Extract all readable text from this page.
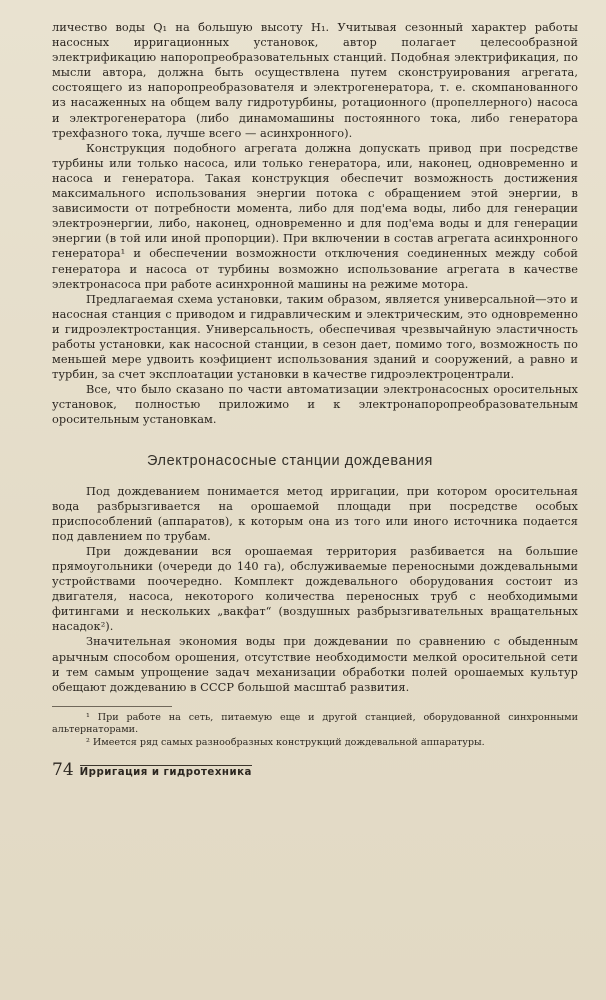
личество воды Q₁ на большую высоту H₁. Учитывая сезонный характер работы насосных ирригационных установок, автор полагает целесообразной электрификацию напоропреобразовательных станций. Подобная электрификация, по мысли автора, должна быть осуществлена путем сконструирования агрегата, состоящего из напоропреобразователя и электрогенератора, т. е. скомпанованного из насаженных на общем валу гидротурбины, ротационного (пропеллерного) насоса и электрогенератора (либо динамомашины постоянного тока, либо генератора трехфазного тока, лучше всего — асинхронного).

Конструкция подобного агрегата должна допускать привод при посредстве турбины или только насоса, или только генератора, или, наконец, одновременно и насоса и генератора. Такая конструкция обеспечит возможность достижения максимального использования энергии потока с обращением этой энергии, в зависимости от потребности момента, либо для под'ема воды, либо для генерации электроэнергии, либо, наконец, одновременно и для под'ема воды и для генерации энергии (в той или иной пропорции). При включении в состав агрегата асинхронного генератора¹ и обеспечении возможности отключения соединенных между собой генератора и насоса от турбины возможно использование агрегата в качестве электронасоса при работе асинхронной машины на режиме мотора.

Предлагаемая схема установки, таким образом, является универсальной—это и насосная станция с приводом и гидравлическим и электрическим, это одновременно и гидроэлектростанция. Универсальность, обеспечивая чрезвычайную эластичность работы установки, как насосной станции, в сезон дает, помимо того, возможность по меньшей мере удвоить коэфициент использования зданий и сооружений, а равно и турбин, за счет эксплоатации установки в качестве гидроэлектроцентрали.

Все, что было сказано по части автоматизации электронасосных оросительных установок, полностью приложимо и к электронапоропреобразовательным оросительным установкам.

Электронасосные станции дождевания

Под дождеванием понимается метод ирригации, при котором оросительная вода разбрызгивается на орошаемой площади при посредстве особых приспособлений (аппаратов), к которым она из того или иного источника подается под давлением по трубам.

При дождевании вся орошаемая территория разбивается на большие прямоугольники (очереди до 140 га), обслуживаемые переносными дождевальными устройствами поочередно. Комплект дождевального оборудования состоит из двигателя, насоса, некоторого количества переносных труб с необходимыми фитингами и нескольких „вакфат“ (воздушных разбрызгивательных вращательных насадок²).

Значительная экономия воды при дождевании по сравнению с обыденным арычным способом орошения, отсутствие необходимости мелкой оросительной сети и тем самым упрощение задач механизации обработки полей орошаемых культур обещают дождеванию в СССР большой масштаб развития.

¹ При работе на сеть, питаемую еще и другой станцией, оборудованной синхронными альтернаторами.

² Имеется ряд самых разнообразных конструкций дождевальной аппаратуры.

74 Ирригация и гидротехника
